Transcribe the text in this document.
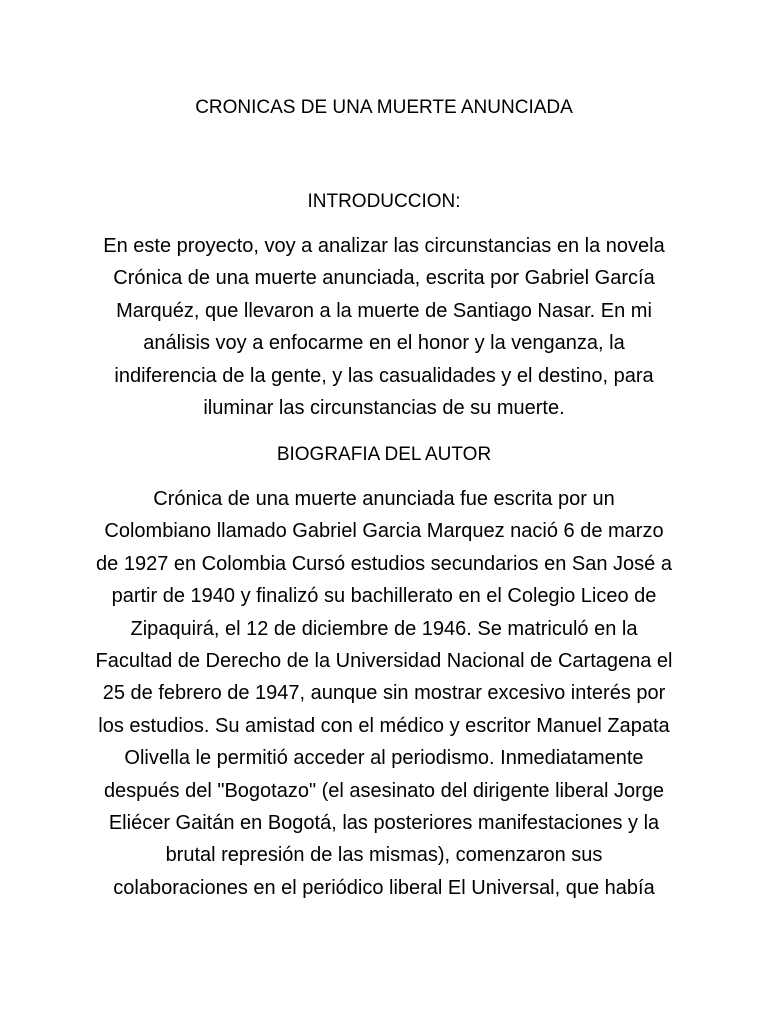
CRONICAS DE UNA MUERTE ANUNCIADA
INTRODUCCION:

En este proyecto, voy a analizar las circunstancias en la novela
Crónica de una muerte anunciada, escrita por Gabriel García
Marquéz, que llevaron a la muerte de Santiago Nasar. En mi
análisis voy a enfocarme en el honor y la venganza, la
indiferencia de la gente, y las casualidades y el destino, para
iluminar las circunstancias de su muerte.

BIOGRAFIA DEL AUTOR

Crónica de una muerte anunciada fue escrita por un
Colombiano llamado Gabriel Garcia Marquez nació 6 de marzo
de 1927 en Colombia Cursó estudios secundarios en San José a
partir de 1940 y finalizó su bachillerato en el Colegio Liceo de
Zipaquirá, el 12 de diciembre de 1946. Se matriculó en la
Facultad de Derecho de la Universidad Nacional de Cartagena el
25 de febrero de 1947, aunque sin mostrar excesivo interés por
los estudios. Su amistad con el médico y escritor Manuel Zapata
Olivella le permitió acceder al periodismo. Inmediatamente
después del "Bogotazo" (el asesinato del dirigente liberal Jorge
Eliécer Gaitán en Bogotá, las posteriores manifestaciones y la
brutal represión de las mismas), comenzaron sus
colaboraciones en el periódico liberal El Universal, que había
